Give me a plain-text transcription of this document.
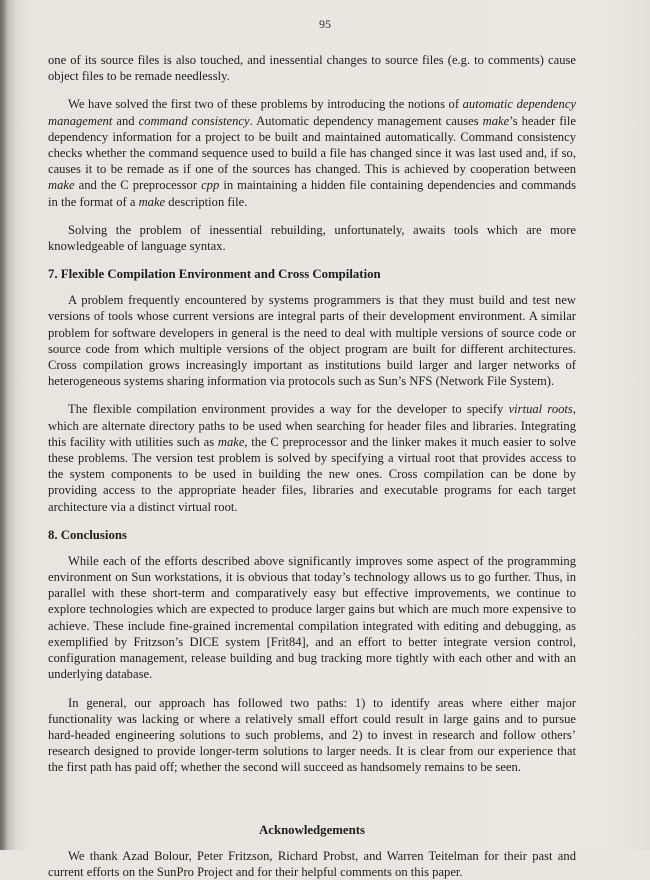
95

one of its source files is also touched, and inessential changes to source files (e.g. to comments) cause object files to be remade needlessly.

We have solved the first two of these problems by introducing the notions of automatic dependency management and command consistency. Automatic dependency management causes make’s header file dependency information for a project to be built and maintained automatically. Command consistency checks whether the command sequence used to build a file has changed since it was last used and, if so, causes it to be remade as if one of the sources has changed. This is achieved by cooperation between make and the C preprocessor cpp in maintaining a hidden file containing dependencies and commands in the format of a make description file.

Solving the problem of inessential rebuilding, unfortunately, awaits tools which are more knowledgeable of language syntax.

7. Flexible Compilation Environment and Cross Compilation

A problem frequently encountered by systems programmers is that they must build and test new versions of tools whose current versions are integral parts of their development environment. A similar problem for software developers in general is the need to deal with multiple versions of source code or source code from which multiple versions of the object program are built for different architectures. Cross compilation grows increasingly important as institutions build larger and larger networks of heterogeneous systems sharing information via protocols such as Sun’s NFS (Network File System).

The flexible compilation environment provides a way for the developer to specify virtual roots, which are alternate directory paths to be used when searching for header files and libraries. Integrating this facility with utilities such as make, the C preprocessor and the linker makes it much easier to solve these problems. The version test problem is solved by specifying a virtual root that provides access to the system components to be used in building the new ones. Cross compilation can be done by providing access to the appropriate header files, libraries and executable programs for each target architecture via a distinct virtual root.

8. Conclusions

While each of the efforts described above significantly improves some aspect of the programming environment on Sun workstations, it is obvious that today’s technology allows us to go further. Thus, in parallel with these short-term and comparatively easy but effective improvements, we continue to explore technologies which are expected to produce larger gains but which are much more expensive to achieve. These include fine-grained incremental compilation integrated with editing and debugging, as exemplified by Fritzson’s DICE system [Frit84], and an effort to better integrate version control, configuration management, release building and bug tracking more tightly with each other and with an underlying database.

In general, our approach has followed two paths: 1) to identify areas where either major functionality was lacking or where a relatively small effort could result in large gains and to pursue hard-headed engineering solutions to such problems, and 2) to invest in research and follow others’ research designed to provide longer-term solutions to larger needs. It is clear from our experience that the first path has paid off; whether the second will succeed as handsomely remains to be seen.

Acknowledgements

We thank Azad Bolour, Peter Fritzson, Richard Probst, and Warren Teitelman for their past and current efforts on the SunPro Project and for their helpful comments on this paper.
